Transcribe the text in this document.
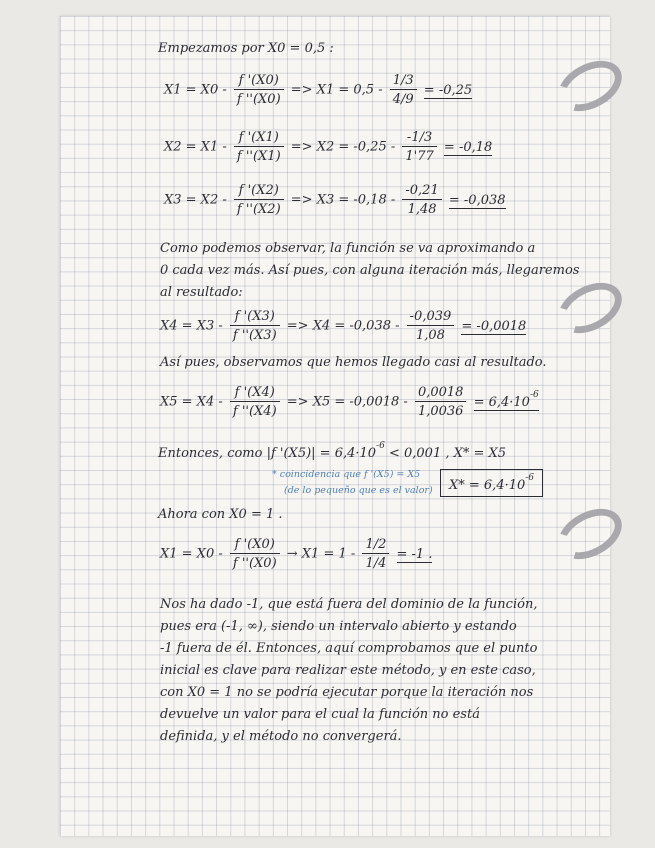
Empezamos por X0 = 0,5 :
$X1 = X0 - \frac{f '(X0)}{f ''(X0)} => X1 = 0,5 - \frac{1/3}{4/9} = -0,25$
$X2 = X1 - \frac{f '(X1)}{f ''(X1)} => X2 = -0,25 - \frac{-1/3}{1'77} = -0,18$
$X3 = X2 - \frac{f '(X2)}{f ''(X2)} => X3 = -0,18 - \frac{-0,21}{1,48} = -0,038$
Como podemos observar, la función se va aproximando a
0 cada vez más. Así pues, con alguna iteración más, llegaremos
al resultado:
$X4 = X3 - \frac{f '(X3)}{f ''(X3)} => X4 = -0,038 - \frac{-0,039}{1,08} = -0,0018$
Así pues, observamos que hemos llegado casi al resultado.
$X5 = X4 - \frac{f '(X4)}{f ''(X4)} => X5 = -0,0018 - \frac{0,0018}{1,0036} = 6,4\cdot 10^{-6}$
Entonces, como |f '$(X5)| = 6,4\cdot 10^{-6} < 0,001$ , X* = X5
* coincidencia que f '(X5) = X5
(de lo pequeño que es el valor)	$X* = 6,4\cdot 10^{-6}$
Ahora con X0 = 1 .
$X1 = X0 - \frac{f '(X0)}{f ''(X0)} \to X1 = 1 - \frac{1/2}{1/4} = -1$ .
Nos ha dado -1, que está fuera del dominio de la función,
pues era (-1, ∞), siendo un intervalo abierto y estando
-1 fuera de él. Entonces, aquí comprobamos que el punto
inicial es clave para realizar este método, y en este caso,
con X0 = 1 no se podría ejecutar porque la iteración nos
devuelve un valor para el cual la función no está
definida, y el método no convergerá.
